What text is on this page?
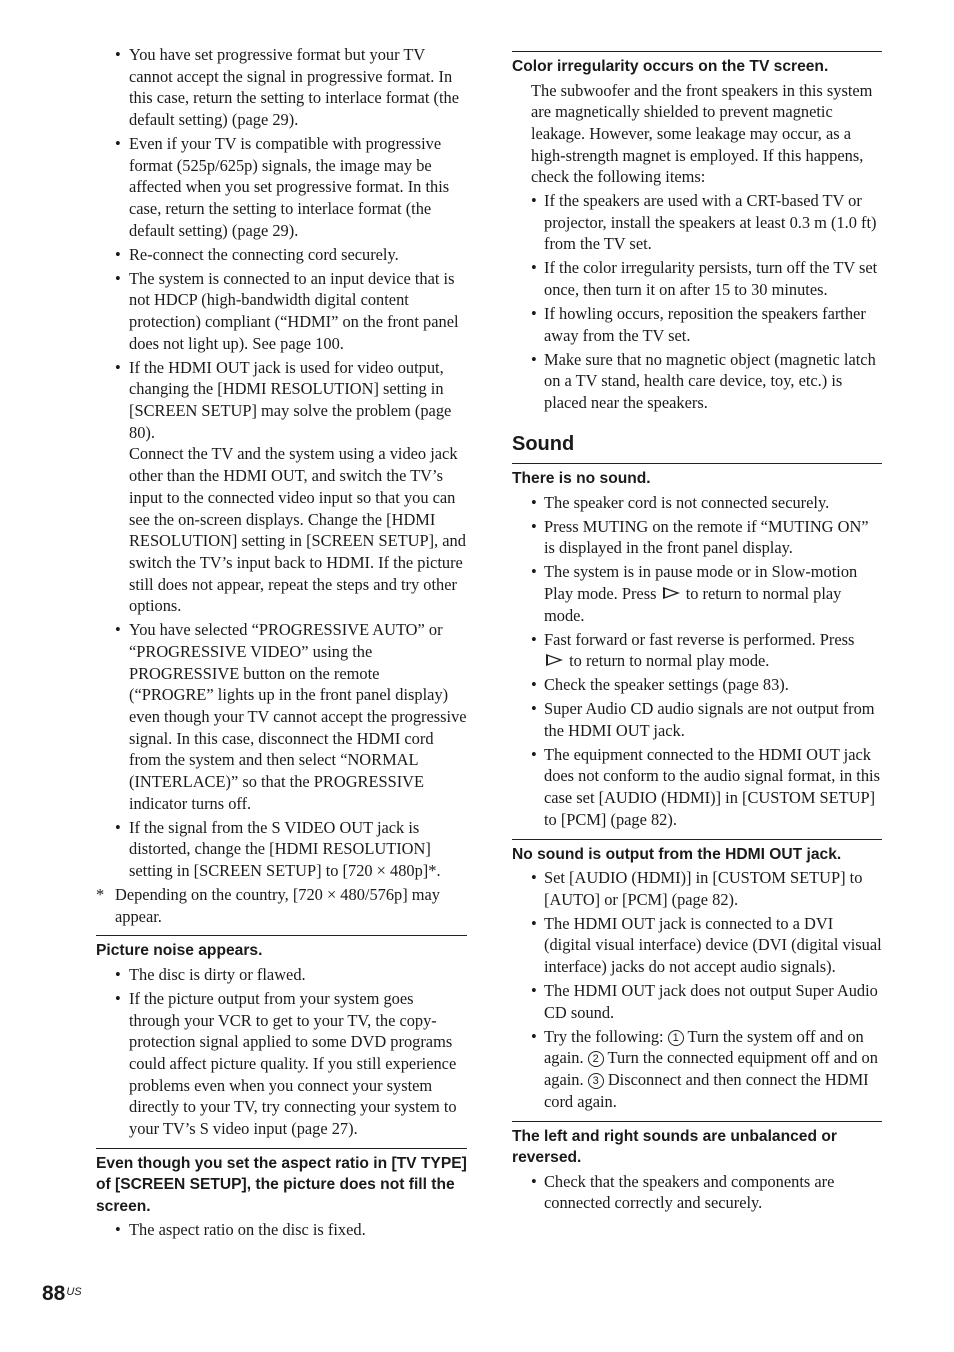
• You have set progressive format but your TV cannot accept the signal in progressive format. In this case, return the setting to interlace format (the default setting) (page 29).
• Even if your TV is compatible with progressive format (525p/625p) signals, the image may be affected when you set progressive format. In this case, return the setting to interlace format (the default setting) (page 29).
• Re-connect the connecting cord securely.
• The system is connected to an input device that is not HDCP (high-bandwidth digital content protection) compliant (“HDMI” on the front panel does not light up). See page 100.
• If the HDMI OUT jack is used for video output, changing the [HDMI RESOLUTION] setting in [SCREEN SETUP] may solve the problem (page 80).
Connect the TV and the system using a video jack other than the HDMI OUT, and switch the TV’s input to the connected video input so that you can see the on-screen displays. Change the [HDMI RESOLUTION] setting in [SCREEN SETUP], and switch the TV’s input back to HDMI. If the picture still does not appear, repeat the steps and try other options.
• You have selected “PROGRESSIVE AUTO” or “PROGRESSIVE VIDEO” using the PROGRESSIVE button on the remote (“PROGRE” lights up in the front panel display) even though your TV cannot accept the progressive signal. In this case, disconnect the HDMI cord from the system and then select “NORMAL (INTERLACE)” so that the PROGRESSIVE indicator turns off.
• If the signal from the S VIDEO OUT jack is distorted, change the [HDMI RESOLUTION] setting in [SCREEN SETUP] to [720 × 480p]*.
* Depending on the country, [720 × 480/576p] may appear.
Picture noise appears.
• The disc is dirty or flawed.
• If the picture output from your system goes through your VCR to get to your TV, the copy-protection signal applied to some DVD programs could affect picture quality. If you still experience problems even when you connect your system directly to your TV, try connecting your system to your TV’s S video input (page 27).
Even though you set the aspect ratio in [TV TYPE] of [SCREEN SETUP], the picture does not fill the screen.
• The aspect ratio on the disc is fixed.
Color irregularity occurs on the TV screen.

The subwoofer and the front speakers in this system are magnetically shielded to prevent magnetic leakage. However, some leakage may occur, as a high-strength magnet is employed. If this happens, check the following items:

• If the speakers are used with a CRT-based TV or projector, install the speakers at least 0.3 m (1.0 ft) from the TV set.
• If the color irregularity persists, turn off the TV set once, then turn it on after 15 to 30 minutes.
• If howling occurs, reposition the speakers farther away from the TV set.
• Make sure that no magnetic object (magnetic latch on a TV stand, health care device, toy, etc.) is placed near the speakers.
Sound
There is no sound.
• The speaker cord is not connected securely.
• Press MUTING on the remote if “MUTING ON” is displayed in the front panel display.
• The system is in pause mode or in Slow-motion Play mode. Press to return to normal play mode.
• Fast forward or fast reverse is performed. Press
to return to normal play mode.
• Check the speaker settings (page 83).
• Super Audio CD audio signals are not output from the HDMI OUT jack.
• The equipment connected to the HDMI OUT jack does not conform to the audio signal format, in this case set [AUDIO (HDMI)] in [CUSTOM SETUP] to [PCM] (page 82).
No sound is output from the HDMI OUT jack.
• Set [AUDIO (HDMI)] in [CUSTOM SETUP] to [AUTO] or [PCM] (page 82).
• The HDMI OUT jack is connected to a DVI (digital visual interface) device (DVI (digital visual interface) jacks do not accept audio signals).
• The HDMI OUT jack does not output Super Audio CD sound.
• Try the following: 1 Turn the system off and on again. 2 Turn the connected equipment off and on again. 3 Disconnect and then connect the HDMI cord again.
The left and right sounds are unbalanced or reversed.
• Check that the speakers and components are connected correctly and securely.
$88^{US}$
